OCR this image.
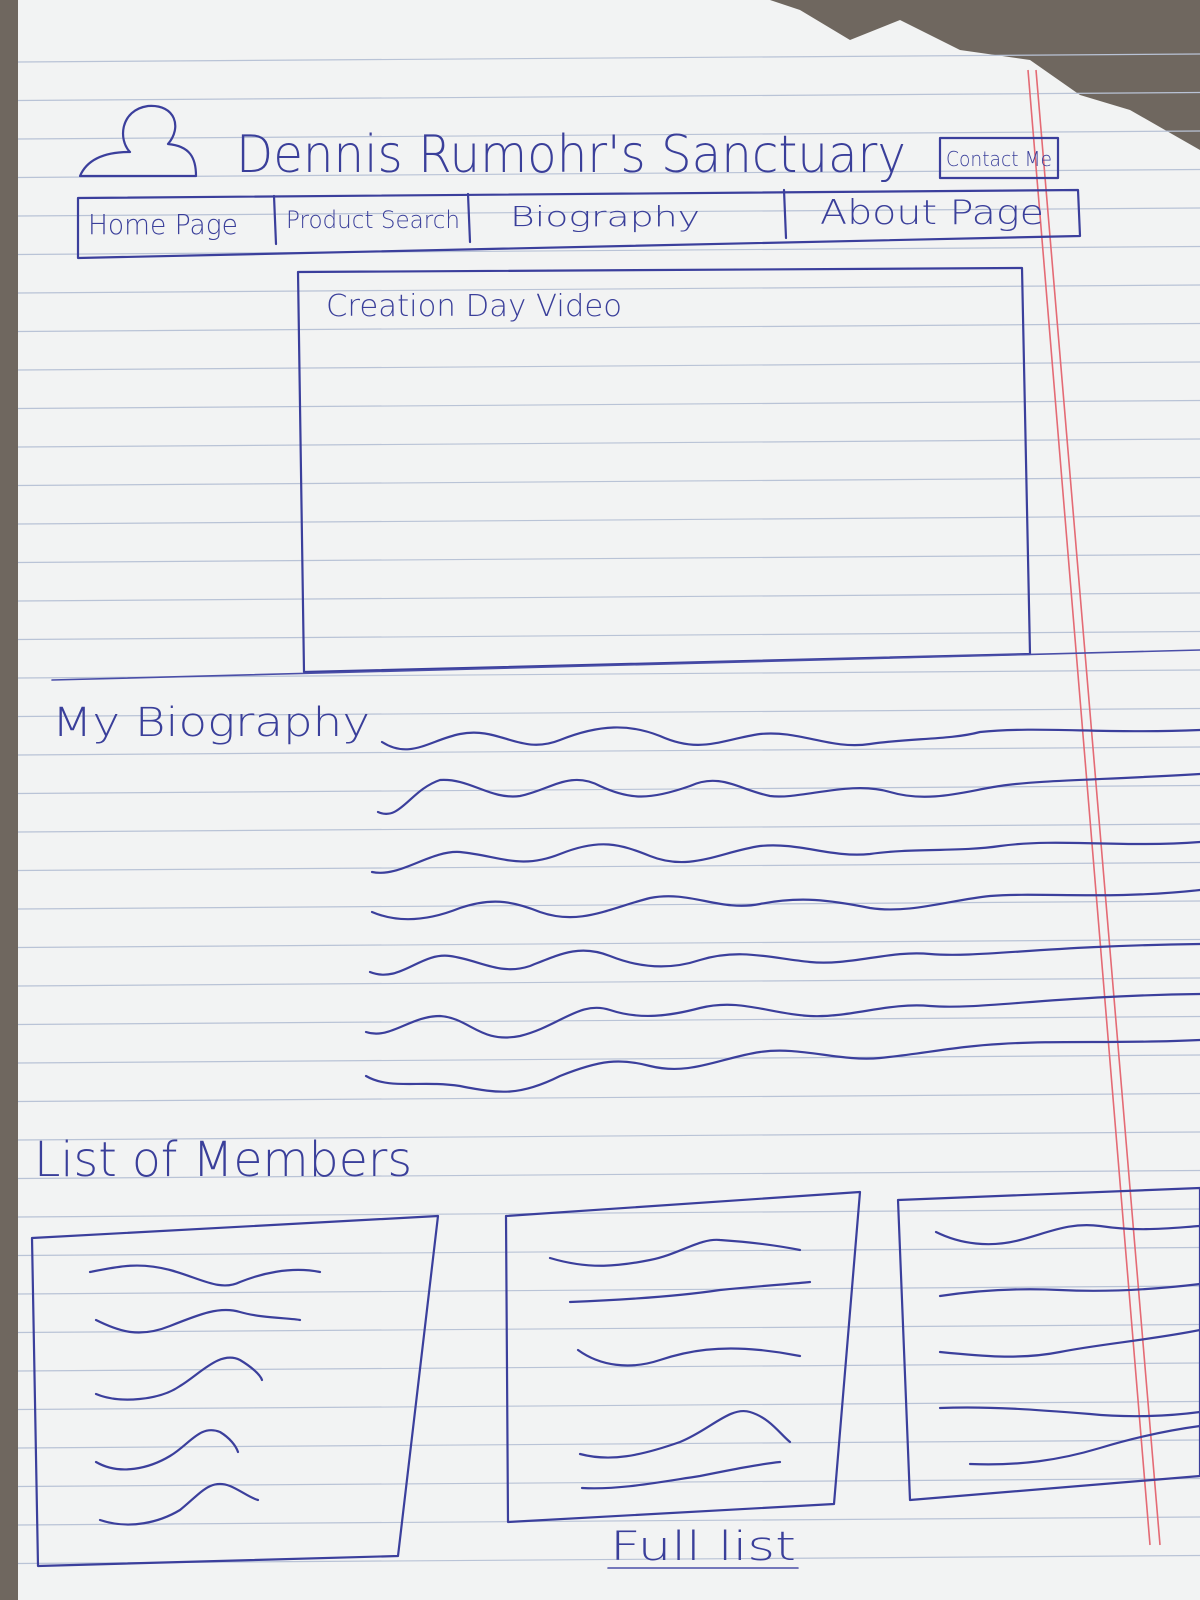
Dennis Rumohr's Sanctuary Contact Me
Home Page Product Search Biography	About Page
Creation Day Video
My Biography
List of Members
Full list
